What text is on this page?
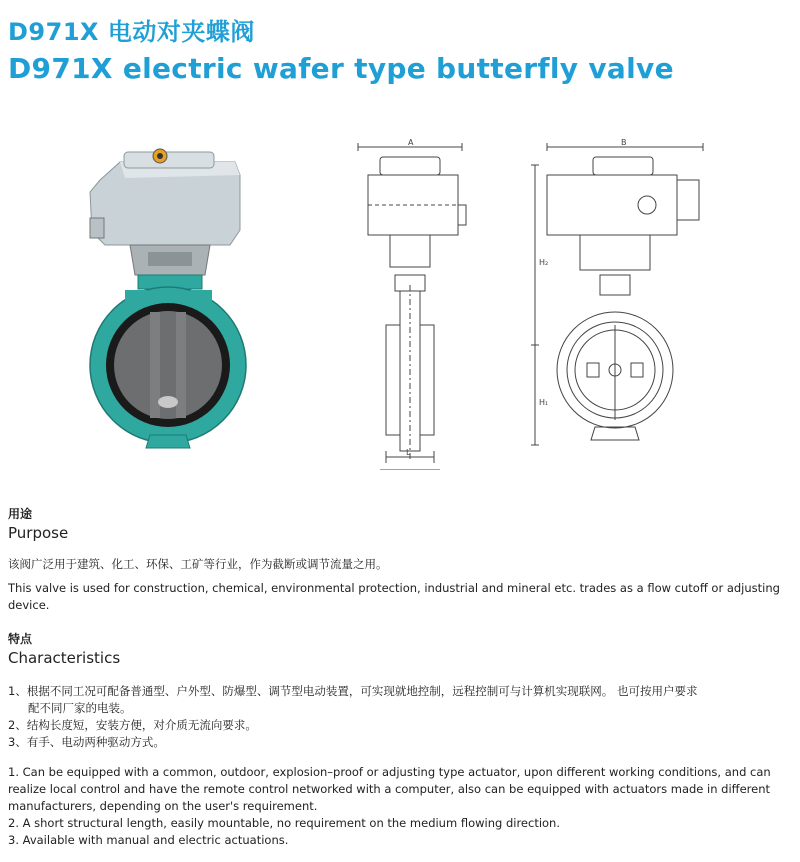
D971X 电动对夹蝶阀
D971X electric wafer type butterfly valve
A
L
B
H₂
H₁
用途
Purpose
该阀广泛用于建筑、化工、环保、工矿等行业，作为截断或调节流量之用。
This valve is used for construction, chemical, environmental protection, industrial and mineral etc. trades as a flow cutoff or adjusting device.
特点
Characteristics
1、根据不同工况可配备普通型、户外型、防爆型、调节型电动装置，可实现就地控制，远程控制可与计算机实现联网。 也可按用户要求
配不同厂家的电装。
2、结构长度短，安装方便，对介质无流向要求。
3、有手、电动两种驱动方式。
1. Can be equipped with a common, outdoor, explosion–proof or adjusting type actuator, upon different working conditions, and can realize local control and have the remote control networked with a computer, also can be equipped with actuators made in different manufacturers, depending on the user's requirement.
2. A short structural length, easily mountable, no requirement on the medium flowing direction.
3. Available with manual and electric actuations.
